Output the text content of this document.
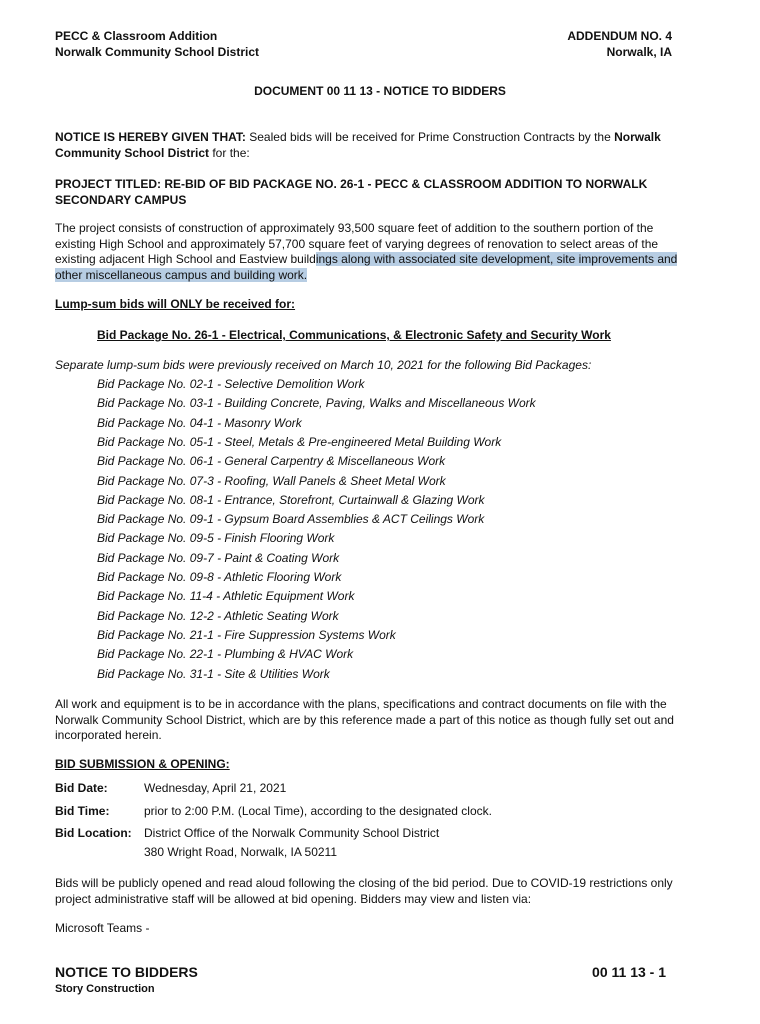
PECC & Classroom Addition
Norwalk Community School District
ADDENDUM NO. 4
Norwalk, IA
DOCUMENT 00 11 13 - NOTICE TO BIDDERS
NOTICE IS HEREBY GIVEN THAT: Sealed bids will be received for Prime Construction Contracts by the Norwalk
Community School District for the:
PROJECT TITLED: RE-BID OF BID PACKAGE NO. 26-1 - PECC & CLASSROOM ADDITION TO NORWALK
SECONDARY CAMPUS
The project consists of construction of approximately 93,500 square feet of addition to the southern portion of the
existing High School and approximately 57,700 square feet of varying degrees of renovation to select areas of the
existing adjacent High School and Eastview buildings along with associated site development, site improvements and
other miscellaneous campus and building work.
Lump-sum bids will ONLY be received for:
Bid Package No. 26-1 - Electrical, Communications, & Electronic Safety and Security Work
Separate lump-sum bids were previously received on March 10, 2021 for the following Bid Packages:
Bid Package No. 02-1 - Selective Demolition Work
Bid Package No. 03-1 - Building Concrete, Paving, Walks and Miscellaneous Work
Bid Package No. 04-1 - Masonry Work
Bid Package No. 05-1 - Steel, Metals & Pre-engineered Metal Building Work
Bid Package No. 06-1 - General Carpentry & Miscellaneous Work
Bid Package No. 07-3 - Roofing, Wall Panels & Sheet Metal Work
Bid Package No. 08-1 - Entrance, Storefront, Curtainwall & Glazing Work
Bid Package No. 09-1 - Gypsum Board Assemblies & ACT Ceilings Work
Bid Package No. 09-5 - Finish Flooring Work
Bid Package No. 09-7 - Paint & Coating Work
Bid Package No. 09-8 - Athletic Flooring Work
Bid Package No. 11-4 - Athletic Equipment Work
Bid Package No. 12-2 - Athletic Seating Work
Bid Package No. 21-1 - Fire Suppression Systems Work
Bid Package No. 22-1 - Plumbing & HVAC Work
Bid Package No. 31-1 - Site & Utilities Work
All work and equipment is to be in accordance with the plans, specifications and contract documents on file with the
Norwalk Community School District, which are by this reference made a part of this notice as though fully set out and
incorporated herein.
BID SUBMISSION & OPENING:
Bid Date:	Wednesday, April 21, 2021
Bid Time:	prior to 2:00 P.M. (Local Time), according to the designated clock.
Bid Location: District Office of the Norwalk Community School District
380 Wright Road, Norwalk, IA 50211
Bids will be publicly opened and read aloud following the closing of the bid period. Due to COVID-19 restrictions only
project administrative staff will be allowed at bid opening. Bidders may view and listen via:
Microsoft Teams -
NOTICE TO BIDDERS	00 11 13 - 1
Story Construction
